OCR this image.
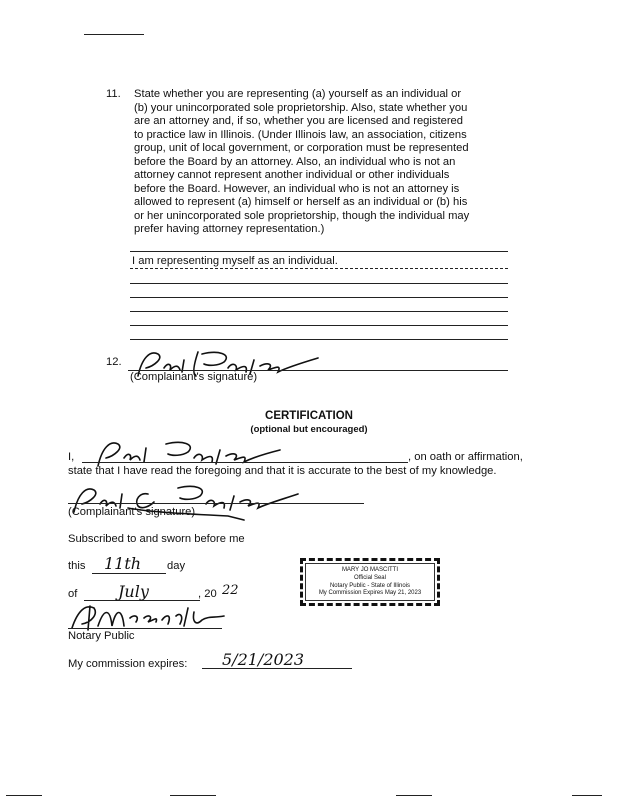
11. State whether you are representing (a) yourself as an individual or
(b) your unincorporated sole proprietorship. Also, state whether you
are an attorney and, if so, whether you are licensed and registered
to practice law in Illinois. (Under Illinois law, an association, citizens
group, unit of local government, or corporation must be represented
before the Board by an attorney. Also, an individual who is not an
attorney cannot represent another individual or other individuals
before the Board. However, an individual who is not an attorney is
allowed to represent (a) himself or herself as an individual or (b) his
or her unincorporated sole proprietorship, though the individual may
prefer having attorney representation.)
I am representing myself as an individual.
12.
(Complainant's signature)
CERTIFICATION
(optional but encouraged)
I,	, on oath or affirmation,
state that I have read the foregoing and that it is accurate to the best of my knowledge.
(Complainant's signature)
Subscribed to and sworn before me
this 11th day
of	July	, 20 22
Notary Public
My commission expires: 5/21/2023
MARY JO MASCITTI
Official Seal
Notary Public - State of Illinois
My Commission Expires May 21, 2023
